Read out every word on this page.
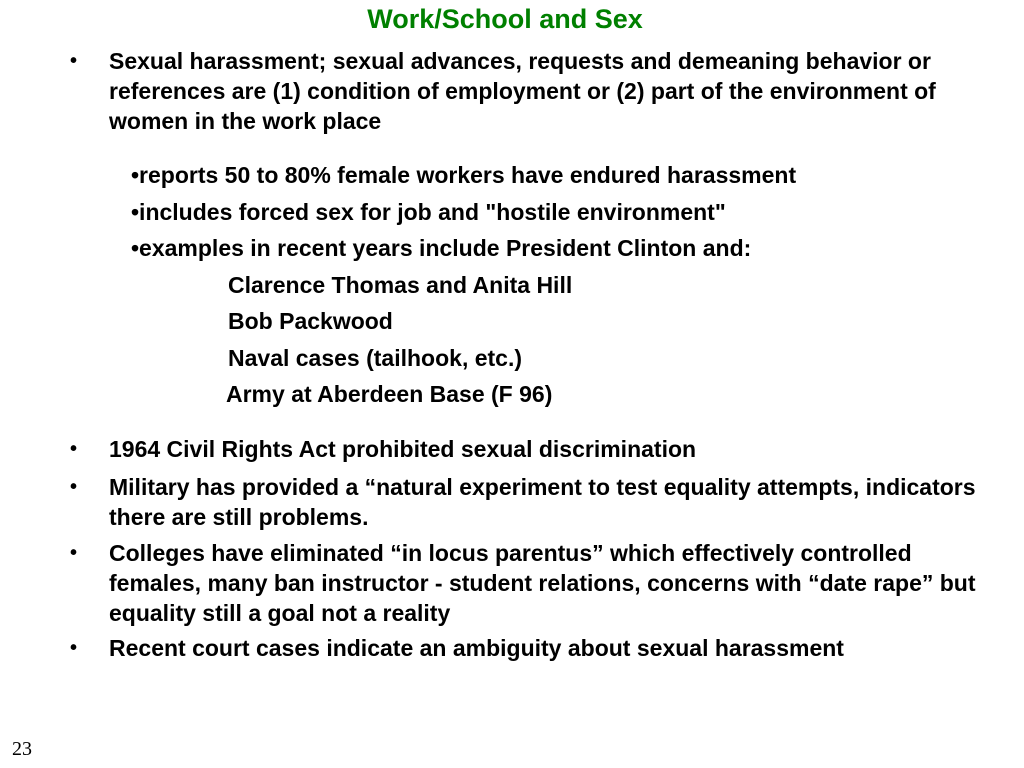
Work/School and Sex
• Sexual harassment; sexual advances, requests and demeaning behavior or references are (1) condition of employment or (2) part of the environment of women in the work place
•reports 50 to 80% female workers have endured harassment
•includes forced sex for job and "hostile environment"
•examples in recent years include President Clinton and:
Clarence Thomas and Anita Hill
Bob Packwood
Naval cases (tailhook, etc.)
Army at Aberdeen Base (F 96)
• 1964 Civil Rights Act prohibited sexual discrimination
• Military has provided a “natural experiment to test equality attempts, indicators there are still problems.
• Colleges have eliminated “in locus parentus” which effectively controlled females, many ban instructor - student relations, concerns with “date rape” but equality still a goal not a reality
• Recent court cases indicate an ambiguity about sexual harassment
23
